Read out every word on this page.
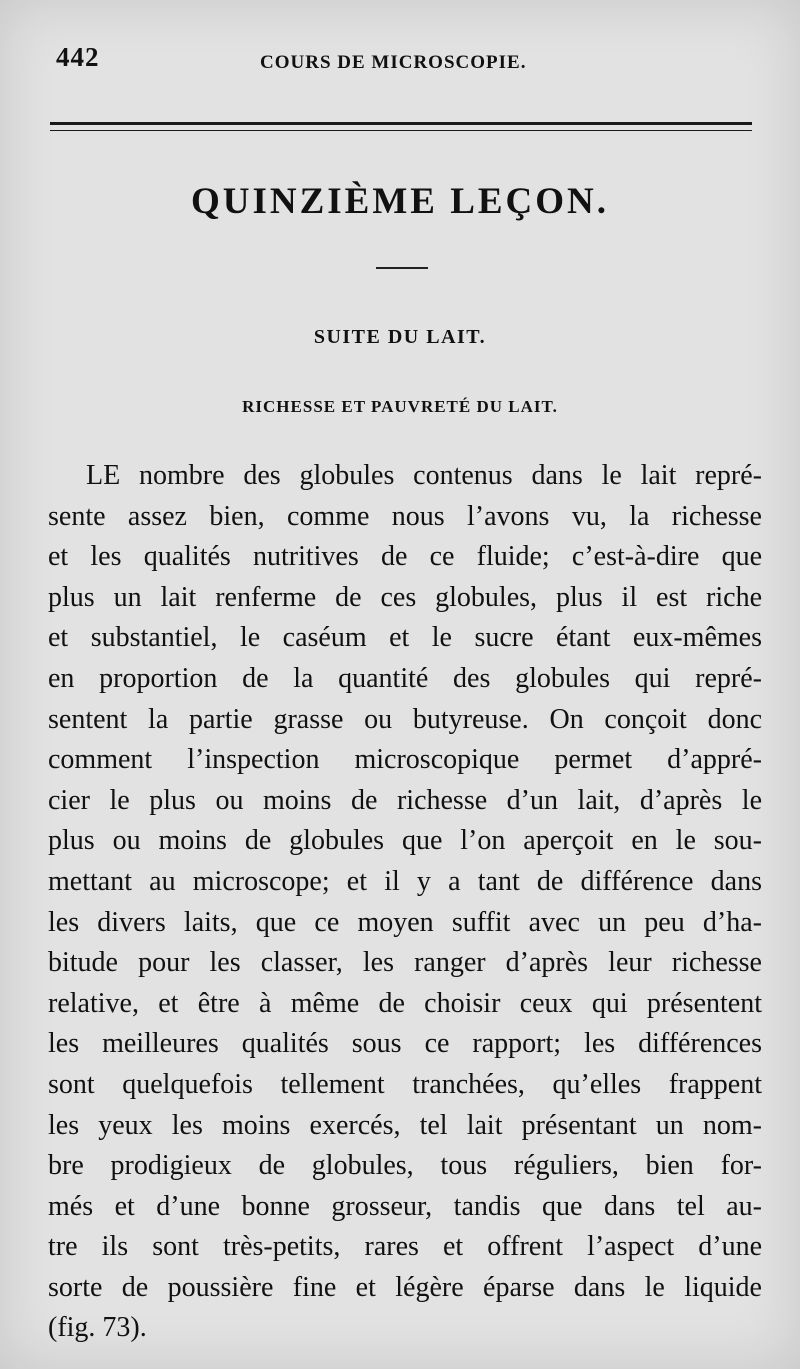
442	COURS DE MICROSCOPIE.
QUINZIÈME LEÇON.
SUITE DU LAIT.
RICHESSE ET PAUVRETÉ DU LAIT.
LE nombre des globules contenus dans le lait repré-
sente assez bien, comme nous l’avons vu, la richesse
et les qualités nutritives de ce fluide; c’est-à-dire que
plus un lait renferme de ces globules, plus il est riche
et substantiel, le caséum et le sucre étant eux-mêmes
en proportion de la quantité des globules qui repré-
sentent la partie grasse ou butyreuse. On conçoit donc
comment l’inspection microscopique permet d’appré-
cier le plus ou moins de richesse d’un lait, d’après le
plus ou moins de globules que l’on aperçoit en le sou-
mettant au microscope; et il y a tant de différence dans
les divers laits, que ce moyen suffit avec un peu d’ha-
bitude pour les classer, les ranger d’après leur richesse
relative, et être à même de choisir ceux qui présentent
les meilleures qualités sous ce rapport; les différences
sont quelquefois tellement tranchées, qu’elles frappent
les yeux les moins exercés, tel lait présentant un nom-
bre prodigieux de globules, tous réguliers, bien for-
més et d’une bonne grosseur, tandis que dans tel au-
tre ils sont très-petits, rares et offrent l’aspect d’une
sorte de poussière fine et légère éparse dans le liquide
(fig. 73).
